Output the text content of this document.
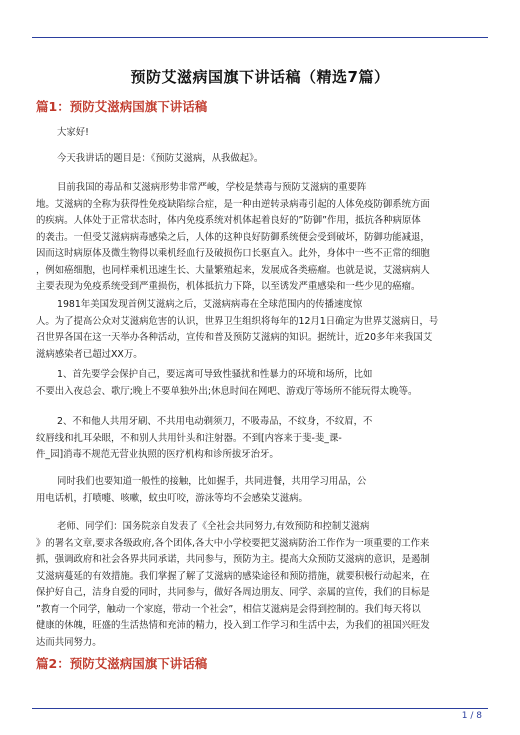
预防艾滋病国旗下讲话稿（精选7篇）
篇1：预防艾滋病国旗下讲话稿
大家好!
今天我讲话的题目是：《预防艾滋病，从我做起》。
目前我国的毒品和艾滋病形势非常严峻，学校是禁毒与预防艾滋病的重要阵
地。艾滋病的全称为获得性免疫缺陷综合症，是一种由逆转录病毒引起的人体免疫防御系统方面
的疾病。人体处于正常状态时，体内免疫系统对机体起着良好的”防御”作用，抵抗各种病原体
的袭击。一但受艾滋病病毒感染之后，人体的这种良好防御系统便会受到破坏，防御功能减退，
因而这时病原体及微生物得以乘机经血行及破损伤口长驱直入。此外，身体中一些不正常的细胞
，例如癌细胞，也同样乘机迅速生长、大量繁殖起来，发展成各类癌瘤。也就是说，艾滋病病人
主要表现为免疫系统受到严重损伤，机体抵抗力下降，以至诱发严重感染和一些少见的癌瘤。
1981年美国发现首例艾滋病之后，艾滋病病毒在全球范围内的传播速度惊
人。为了提高公众对艾滋病危害的认识，世界卫生组织将每年的12月1日确定为世界艾滋病日，号
召世界各国在这一天举办各种活动，宣传和普及预防艾滋病的知识。据统计，近20多年来我国艾
滋病感染者已超过XX万。
1、首先要学会保护自己，要远离可导致性骚扰和性暴力的环境和场所，比如
不要出入夜总会、歌厅;晚上不要单独外出;休息时间在网吧、游戏厅等场所不能玩得太晚等。
2、不和他人共用牙刷、不共用电动剃须刀，不吸毒品，不纹身，不纹眉，不
纹唇线和扎耳朵眼，不和别人共用针头和注射器。不到[内容来于斐-斐_课-
件_园]消毒不规范无营业执照的医疗机构和诊所拔牙治牙。
同时我们也要知道一般性的接触，比如握手，共同进餐，共用学习用品，公
用电话机，打喷嚏、咳嗽，蚊虫叮咬，游泳等均不会感染艾滋病。
老师、同学们：国务院亲自发表了《全社会共同努力,有效预防和控制艾滋病
》的署名文章,要求各级政府,各个团体,各大中小学校要把艾滋病防治工作作为一项重要的工作来
抓，强调政府和社会各界共同承诺，共同参与，预防为主。提高大众预防艾滋病的意识，是遏制
艾滋病蔓延的有效措施。我们掌握了解了艾滋病的感染途径和预防措施，就要积极行动起来，在
保护好自己，洁身自爱的同时，共同参与，做好各周边朋友、同学、亲属的宣传，我们的目标是
”教育一个同学，触动一个家庭，带动一个社会”，相信艾滋病是会得到控制的。我们每天将以
健康的休魄，旺盛的生活热情和充沛的精力，投入到工作学习和生活中去，为我们的祖国兴旺发
达而共同努力。
篇2：预防艾滋病国旗下讲话稿
1 / 8
